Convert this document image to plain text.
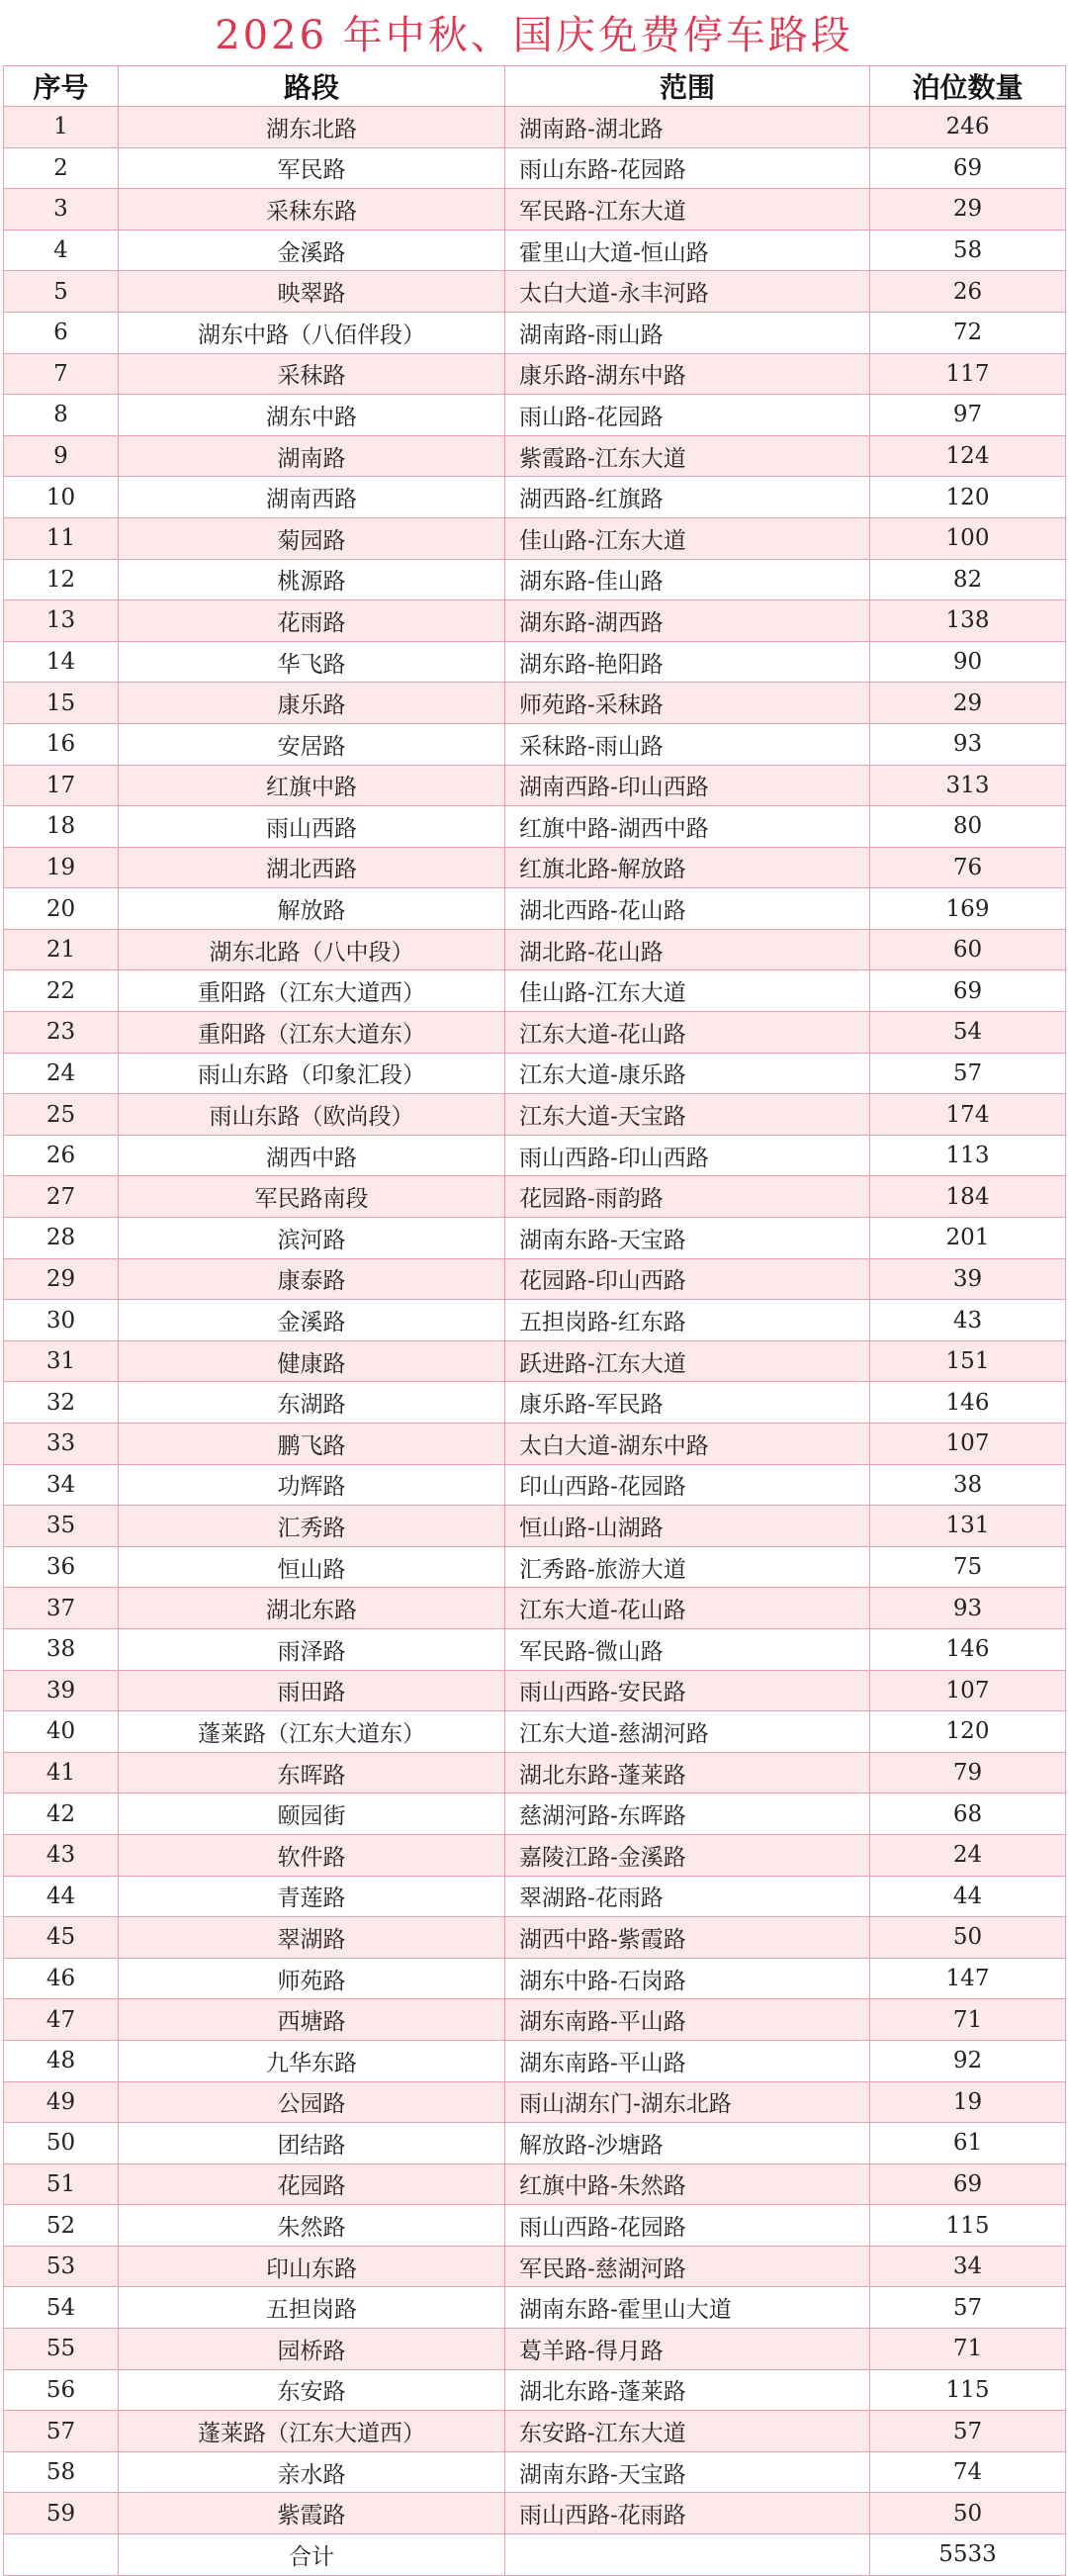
2026 年中秋、国庆免费停车路段
序号	路段	范围	泊位数量
1	湖东北路	湖南路-湖北路	246
2	军民路	雨山东路-花园路	69
3	采秣东路	军民路-江东大道	29
4	金溪路	霍里山大道-恒山路	58
5	映翠路	太白大道-永丰河路	26
6	湖东中路（八佰伴段）	湖南路-雨山路	72
7	采秣路	康乐路-湖东中路	117
8	湖东中路	雨山路-花园路	97
9	湖南路	紫霞路-江东大道	124
10	湖南西路	湖西路-红旗路	120
11	菊园路	佳山路-江东大道	100
12	桃源路	湖东路-佳山路	82
13	花雨路	湖东路-湖西路	138
14	华飞路	湖东路-艳阳路	90
15	康乐路	师苑路-采秣路	29
16	安居路	采秣路-雨山路	93
17	红旗中路	湖南西路-印山西路	313
18	雨山西路	红旗中路-湖西中路	80
19	湖北西路	红旗北路-解放路	76
20	解放路	湖北西路-花山路	169
21	湖东北路（八中段）	湖北路-花山路	60
22	重阳路（江东大道西）	佳山路-江东大道	69
23	重阳路（江东大道东）	江东大道-花山路	54
24	雨山东路（印象汇段）	江东大道-康乐路	57
25	雨山东路（欧尚段）	江东大道-天宝路	174
26	湖西中路	雨山西路-印山西路	113
27	军民路南段	花园路-雨韵路	184
28	滨河路	湖南东路-天宝路	201
29	康泰路	花园路-印山西路	39
30	金溪路	五担岗路-红东路	43
31	健康路	跃进路-江东大道	151
32	东湖路	康乐路-军民路	146
33	鹏飞路	太白大道-湖东中路	107
34	功辉路	印山西路-花园路	38
35	汇秀路	恒山路-山湖路	131
36	恒山路	汇秀路-旅游大道	75
37	湖北东路	江东大道-花山路	93
38	雨泽路	军民路-微山路	146
39	雨田路	雨山西路-安民路	107
40	蓬莱路（江东大道东）	江东大道-慈湖河路	120
41	东晖路	湖北东路-蓬莱路	79
42	颐园街	慈湖河路-东晖路	68
43	软件路	嘉陵江路-金溪路	24
44	青莲路	翠湖路-花雨路	44
45	翠湖路	湖西中路-紫霞路	50
46	师苑路	湖东中路-石岗路	147
47	西塘路	湖东南路-平山路	71
48	九华东路	湖东南路-平山路	92
49	公园路	雨山湖东门-湖东北路	19
50	团结路	解放路-沙塘路	61
51	花园路	红旗中路-朱然路	69
52	朱然路	雨山西路-花园路	115
53	印山东路	军民路-慈湖河路	34
54	五担岗路	湖南东路-霍里山大道	57
55	园桥路	葛羊路-得月路	71
56	东安路	湖北东路-蓬莱路	115
57	蓬莱路（江东大道西）	东安路-江东大道	57
58	亲水路	湖南东路-天宝路	74
59	紫霞路	雨山西路-花雨路	50
	合计		5533
